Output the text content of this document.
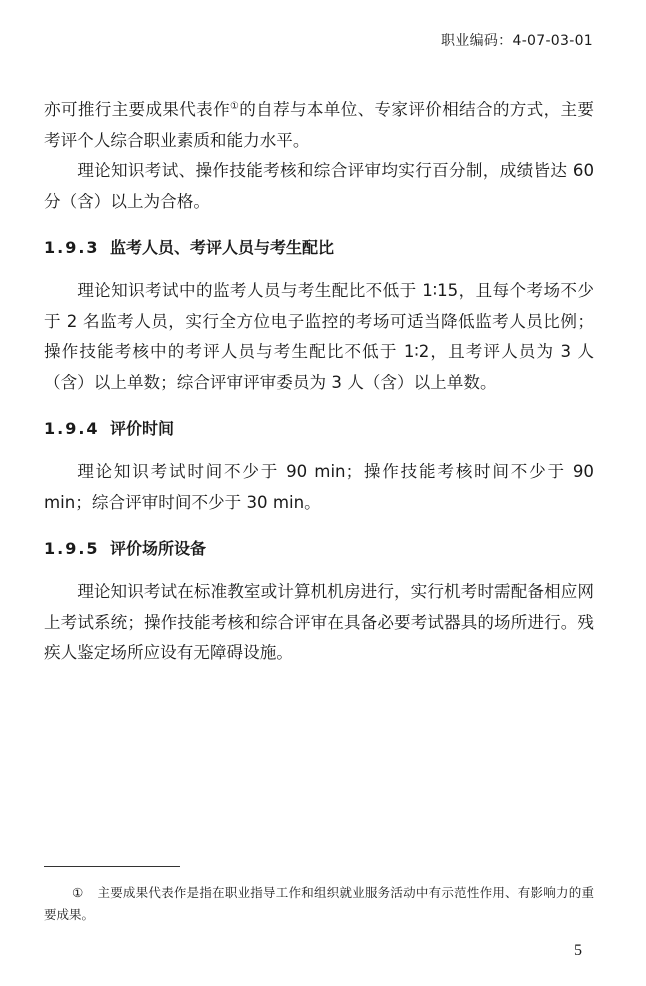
职业编码：4-07-03-01

亦可推行主要成果代表作①的自荐与本单位、专家评价相结合的方式，主要考评个人综合职业素质和能力水平。

理论知识考试、操作技能考核和综合评审均实行百分制，成绩皆达 60 分（含）以上为合格。

1.9.3 监考人员、考评人员与考生配比

理论知识考试中的监考人员与考生配比不低于 1∶15，且每个考场不少于 2 名监考人员，实行全方位电子监控的考场可适当降低监考人员比例；操作技能考核中的考评人员与考生配比不低于 1∶2，且考评人员为 3 人（含）以上单数；综合评审评审委员为 3 人（含）以上单数。

1.9.4 评价时间

理论知识考试时间不少于 90 min；操作技能考核时间不少于 90 min；综合评审时间不少于 30 min。

1.9.5 评价场所设备

理论知识考试在标准教室或计算机机房进行，实行机考时需配备相应网上考试系统；操作技能考核和综合评审在具备必要考试器具的场所进行。残疾人鉴定场所应设有无障碍设施。

① 主要成果代表作是指在职业指导工作和组织就业服务活动中有示范性作用、有影响力的重要成果。
5
